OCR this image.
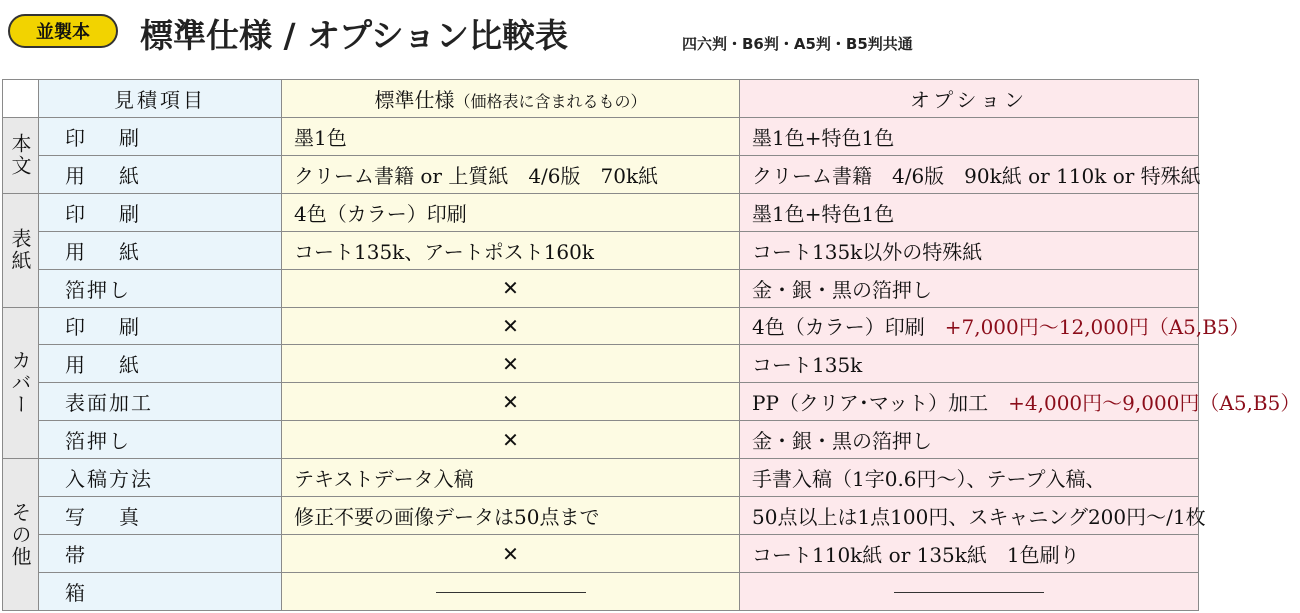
並製本	標準仕様 / オプション比較表	四六判・B6判・A5判・B5判共通
	見積項目	標準仕様（価格表に含まれるもの）	オプション
本文	印 刷	墨1色	墨1色+特色1色
	用 紙	クリーム書籍 or 上質紙　4/6版　70k紙	クリーム書籍　4/6版　90k紙 or 110k or 特殊紙
表紙	印 刷	4色（カラー）印刷	墨1色+特色1色
	用 紙	コート135k、アートポスト160k	コート135k以外の特殊紙
	箔押し	✕	金・銀・黒の箔押し
カバー	印 刷	✕	4色（カラー）印刷　 +7,000円～12,000円（A5,B5）
	用 紙	✕	コート135k
	表面加工	✕	PP（クリア･マット）加工　 +4,000円～9,000円（A5,B5）
	箔押し	✕	金・銀・黒の箔押し
その他	入稿方法	テキストデータ入稿	手書入稿（1字0.6円～）、テープ入稿、
	写 真	修正不要の画像データは50点まで	50点以上は1点100円、スキャニング200円～/1枚
	帯	✕	コート110k紙 or 135k紙　1色刷り
	箱		
